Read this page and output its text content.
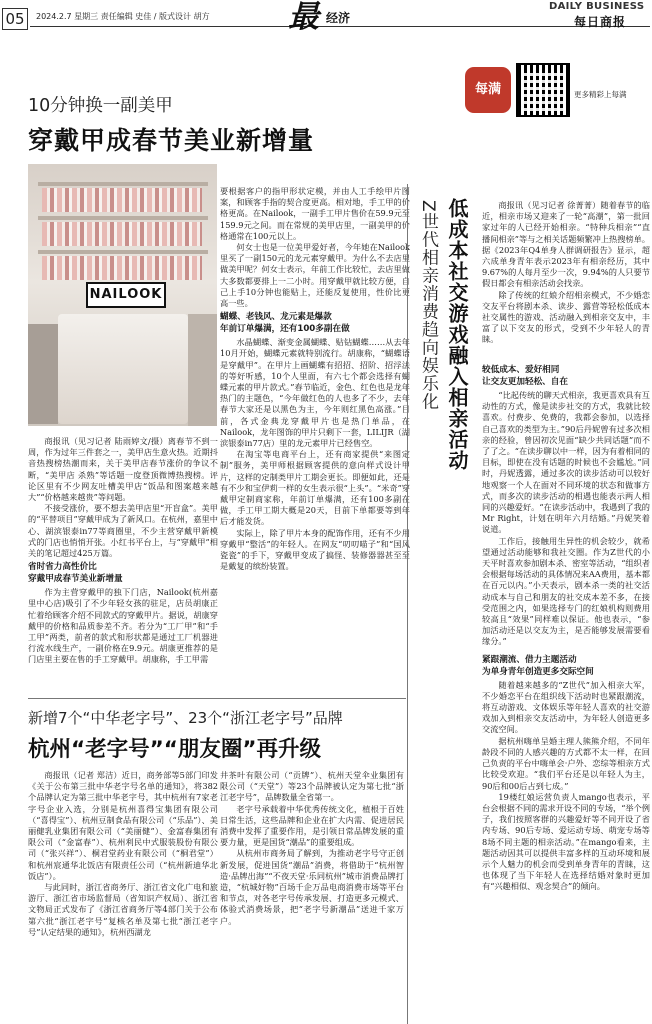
05	2024.2.7 星期三 责任编辑 史佳 / 版式设计 胡方	最 经济
DAILY BUSINESS
每日商报
每满	更多精彩上每满
10分钟换一副美甲
穿戴甲成春节美业新增量
NAILOOK

商报讯（见习记者 陆雨婷文/摄）离春节不到一周，作为过年三件套之一，美甲店生意火热。近期抖音热搜榜热潮而来，关于美甲店春节涨价的争议不断，“美甲店 杀熟”等话题一度登顶微博热搜榜。评论区里有不少网友吐槽美甲店“饭品和图案越来越大”“价格越来越贵”等问题。

不接受涨价，要不想去美甲店里“开盲盒”。美甲的“平替项目”穿戴甲成为了新风口。在杭州，嘉里中心、湖滨银泰in77等商圈里，不少主营穿戴甲新模式的门店也悄悄开张。小红书平台上，与“穿戴甲”相关的笔记超过425万篇。

省时省力高性价比
穿戴甲成春节美业新增量

作为主营穿戴甲的独下门店，Nailook(杭州嘉里中心店)吸引了不少年轻女孩的驻足，店员胡康正忙着给顾客介绍不同款式的穿戴甲片。据说，胡康穿戴甲的价格和品质参差不齐。若分为“工厂甲”和“手工甲”两类，前者的款式和形状都是通过工厂机器进行流水线生产，一副价格在9.9元。胡康更推荐的是门店里主要在售的手工穿戴甲。胡康称，手工甲需

要根据客户的指甲形状定模，并由人工手绘甲片图案，和顾客手指的契合度更高。相对地，手工甲的价格更高。在Nailook，一副手工甲片售价在59.9元至159.9元之间。而在常规的美甲店里，一副美甲的价格通常在100元以上。

何女士也是一位美甲爱好者，今年她在Nailook里买了一副150元的龙元素穿戴甲。为什么不去店里做美甲呢？何女士表示，年前工作比较忙，去店里做大多数都要排上一二小时。用穿戴甲就比较方便，自己上手10分钟也能贴上，还能反复使用，性价比更高一些。

蝴蝶、老钱风、龙元素是爆款
年前订单爆满，还有100多副在做

水晶蝴蝶、渐变金属蝴蝶、贴钻蝴蝶……从去年10月开始，蝴蝶元素就特别流行。胡康称，“蝴蝶语是穿戴甲”。在甲片上画蝴蝶有招招、招阶、招浮法的等好听感，10个人里面，有六七个都会选择有蝴蝶元素的甲片款式。”春节临近，金色、红色也是龙年热门的主题色，“今年做红色的人也多了不少，去年春节大家还是以黑色为主，今年则红黑色高涨。”目前，各式金典龙穿戴甲片也是热门单品，在Nailook，龙年图饰的甲片只剩下一套，LILIJR（湖滨银泰in77店）里的龙元素甲片已经售空。

在淘宝等电商平台上，还有商家提供“来图定制”服务，美甲师根据顾客提供的意向样式设计甲片，这样的定制类甲片工期会更长。即便如此，还是有不少和宝伊莉一样的女生表示很“上头”。“米奇”穿戴甲定制商家称，年前订单爆满，还有100多副在做，手工甲工期大概是20天，目前下单都要等到年后才能发货。

实际上，除了甲片本身的配饰作用，还有不少用穿戴甲“整活”的年轻人。在网友“叨叨喵子”和“国风瓷瓷”的手下，穿戴甲变成了搞怪、装修器器甚至至是戴复的缤纷装置。

Z世代相亲消费趋向娱乐化 低成本社交游戏融入相亲活动	商报讯（见习记者 徐菁菁）随着春节的临近，相亲市场又迎来了一轮“高潮”，第一批回家过年的人已经开始相亲。“特种兵相亲”“直播间相亲”等与之相关话题频繁冲上热搜榜单。据《2023年Q4单身人群调研报告》显示，超六成单身青年表示2023年有相亲经历，其中9.67%的人每月至少一次，9.94%的人只要节假日都会有相亲活动会找亲。

除了传统的红娘介绍相亲模式，不少婚恋交友平台将剧本杀、读步、露营等轻松低成本社交属性的游戏、活动融入到相亲交友中，丰富了以下交友的形式，受到不少年轻人的青睐。

较低成本、爱好相同
让交友更加轻松、自在

“比起传统的聊天式相亲，我更喜欢具有互动性的方式，像是读步社交的方式，我就比较喜欢。付费步、免费的，我都会参加，以选择自己喜欢的类型为主。”90后丹妮曾有过多次相亲的经验，曾因初次见面“缺少共同话题”而不了了之。“在读步聊以中一样，因为有着相同的目标，即使在没有话题的时候也不会尴尬。”同时，丹妮透露，通过多次的读步活动可以较好地观察一个人在面对不同环境的状态和做事方式，而多次的读步活动的相遇也能表示两人相同的兴趣爱好。“在读步活动中，我遇到了我的 Mr Right，计划在明年六月结婚。”丹妮笑着说道。

工作后，接触用生异性的机会较少，就希望通过活动能够和我社交圈。作为Z世代的小天平时喜欢参加剧本杀、密室等活动，“组织者会根据每场活动的具体情况来AA费用，基本都在百元以内。”小天表示，剧本杀一类的社交活动成本与自己和朋友的社交成本差不多，在接受范围之内，如果选择专门的红娘机构则费用较高且“效果”同样难以保证。他也表示，“参加活动还是以交友为主，是否能够发展需要看缘分。”

紧跟潮流、借力主题活动
为单身青年创造更多交际空间

随着越来越多的“Z世代”加入相亲大军，不少婚恋平台在组织线下活动时也紧跟潮流，将互动游戏、文体娱乐等年轻人喜欢的社交游戏加入到相亲交友活动中，为年轻人创造更多交流空间。

据杭州嗨单呈婚主理人熊熊介绍，不同年龄段不同的人感兴趣的方式都不太一样，在回己负责的平台中嗨单会·户外、恋综等相亲方式比较受欢迎。“我们平台还是以年轻人为主，90后和00后占到七成。”

19楼红娘运营负责人mango也表示，平台会根据不同的需求开设不同的专场，“举个例子，我们按照客群的兴趣爱好等不同开设了省内专场、90后专场、爱运动专场、萌宠专场等8场不同主题的相亲活动。”在mango看来，主题活动因其可以提供丰富多样的互动环境和展示个人魅力的机会而受到单身青年的青睐，这也体现了当下年轻人在选择结婚对象时更加有“兴趣相似、观念契合”的倾向。

新增7个“中华老字号”、23个“浙江老字号”品牌
杭州“老字号”“朋友圈”再升级

商报讯（记者 郑洁）近日，商务部等5部门印发《关于公布第三批中华老字号名单的通知》，将382个品牌认定为第三批中华老字号，其中杭州有7家老字号企业入选，分别是杭州喜得宝集团有限公司（“喜得宝”）、杭州豆制食品有限公司（“乐品”）、美丽健乳业集团有限公司（“美丽健”）、金富春集团有限公司（“金富春”）、杭州利民中式服装股份有限公司（“张兴祥”）、桐君堂药业有限公司（“桐君堂”）和杭州宸通华北饭店有限责任公司（“杭州新迪华北饭店”）。

与此同时，浙江省商务厅、浙江省文化广电和旅游厅、浙江省市场监督局（省知识产权局）、浙江省文物局正式发布了《浙江省商务厅等4部门关于公布第六批“浙江老字号”复核名单及第七批“浙江老字号”认定结果的通知》，杭州西湖龙

井茶叶有限公司（“贡牌”）、杭州天堂伞业集团有限公司（“天堂”）等23个品牌被认定为第七批“浙江老字号”，品牌数量全省第一。

老字号承载着中华优秀传统文化，植根于百姓日常生活，这些品牌和企业在扩大内需、促进居民消费中发挥了重要作用，是引领日常品牌发展的重要力量，更是国货“潮品”的重要组成。

从杭州市商务局了解到，为推动老字号守正创新发展，促进国货“潮品”消费，将借助于“杭州智造·品牌出海”“不夜天堂·乐同杭州”城市消费品牌打造，“杭城好物”百场千企万品电商消费市场等平台和节点，对各老字号传承发展、打造更多元模式、体验式消费场景，把“老字号新潮品”送进千家万户。
